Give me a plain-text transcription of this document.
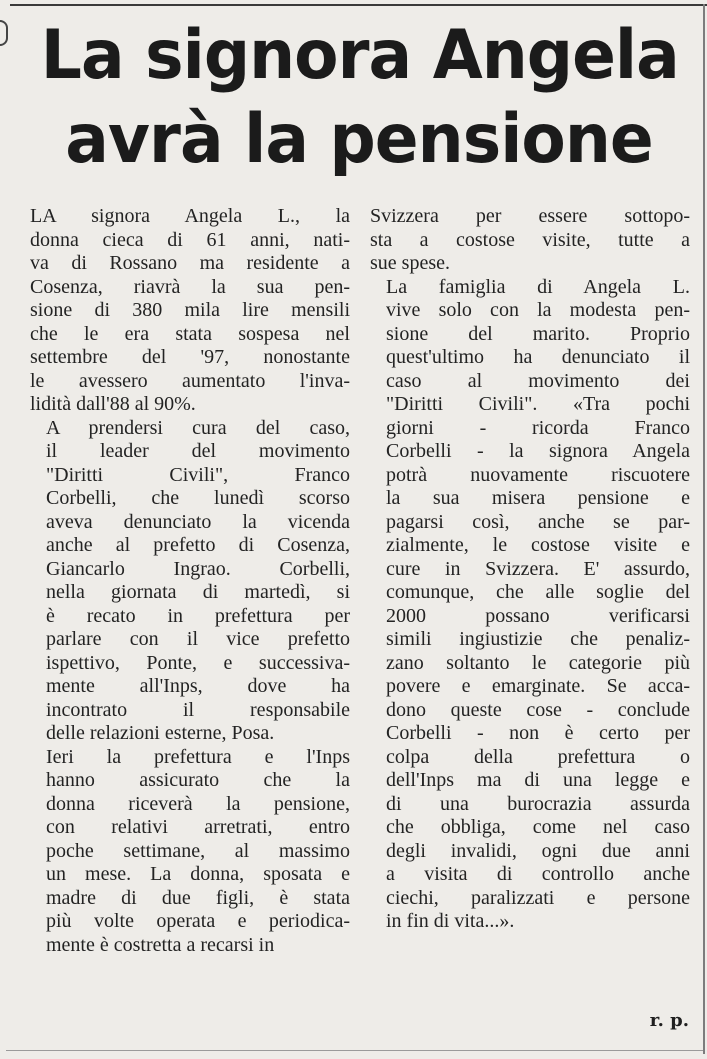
La signora Angela
avrà la pensione

LA signora Angela L., la
donna cieca di 61 anni, nati-
va di Rossano ma residente a
Cosenza, riavrà la sua pen-
sione di 380 mila lire mensili
che le era stata sospesa nel
settembre del '97, nonostante
le avessero aumentato l'inva-
lidità dall'88 al 90%.

A prendersi cura del caso,
il leader del movimento
"Diritti Civili", Franco
Corbelli, che lunedì scorso
aveva denunciato la vicenda
anche al prefetto di Cosenza,
Giancarlo Ingrao. Corbelli,
nella giornata di martedì, si
è recato in prefettura per
parlare con il vice prefetto
ispettivo, Ponte, e successiva-
mente all'Inps, dove ha
incontrato il responsabile
delle relazioni esterne, Posa.

Ieri la prefettura e l'Inps
hanno assicurato che la
donna riceverà la pensione,
con relativi arretrati, entro
poche settimane, al massimo
un mese. La donna, sposata e
madre di due figli, è stata
più volte operata e periodica-
mente è costretta a recarsi in

Svizzera per essere sottopo-
sta a costose visite, tutte a
sue spese.

La famiglia di Angela L.
vive solo con la modesta pen-
sione del marito. Proprio
quest'ultimo ha denunciato il
caso al movimento dei
"Diritti Civili". «Tra pochi
giorni - ricorda Franco
Corbelli - la signora Angela
potrà nuovamente riscuotere
la sua misera pensione e
pagarsi così, anche se par-
zialmente, le costose visite e
cure in Svizzera. E' assurdo,
comunque, che alle soglie del
2000 possano verificarsi
simili ingiustizie che penaliz-
zano soltanto le categorie più
povere e emarginate. Se acca-
dono queste cose - conclude
Corbelli - non è certo per
colpa della prefettura o
dell'Inps ma di una legge e
di una burocrazia assurda
che obbliga, come nel caso
degli invalidi, ogni due anni
a visita di controllo anche
ciechi, paralizzati e persone
in fin di vita...».

r. p.
